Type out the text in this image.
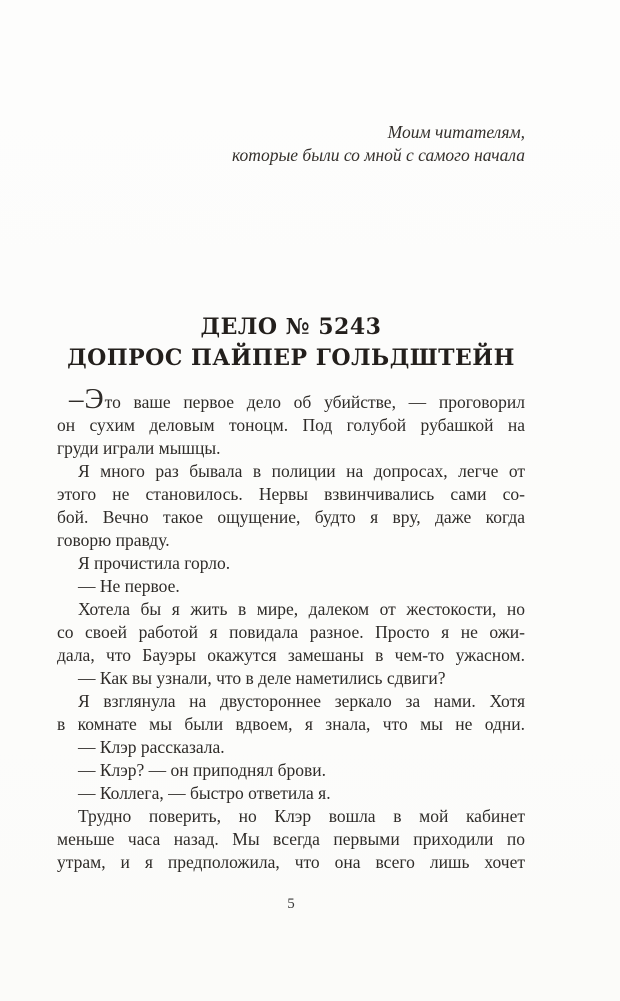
Моим читателям,
которые были со мной с самого начала
ДЕЛО № 5243
ДОПРОС ПАЙПЕР ГОЛЬДШТЕЙН
–Это ваше первое дело об убийстве, — проговорил
он сухим деловым тоноцм. Под голубой рубашкой на
груди играли мышцы.
Я много раз бывала в полиции на допросах, легче от
этого не становилось. Нервы взвинчивались сами со-
бой. Вечно такое ощущение, будто я вру, даже когда
говорю правду.
Я прочистила горло.
— Не первое.
Хотела бы я жить в мире, далеком от жестокости, но
со своей работой я повидала разное. Просто я не ожи-
дала, что Бауэры окажутся замешаны в чем-то ужасном.
— Как вы узнали, что в деле наметились сдвиги?
Я взглянула на двустороннее зеркало за нами. Хотя
в комнате мы были вдвоем, я знала, что мы не одни.
— Клэр рассказала.
— Клэр? — он приподнял брови.
— Коллега, — быстро ответила я.
Трудно поверить, но Клэр вошла в мой кабинет
меньше часа назад. Мы всегда первыми приходили по
утрам, и я предположила, что она всего лишь хочет
5
